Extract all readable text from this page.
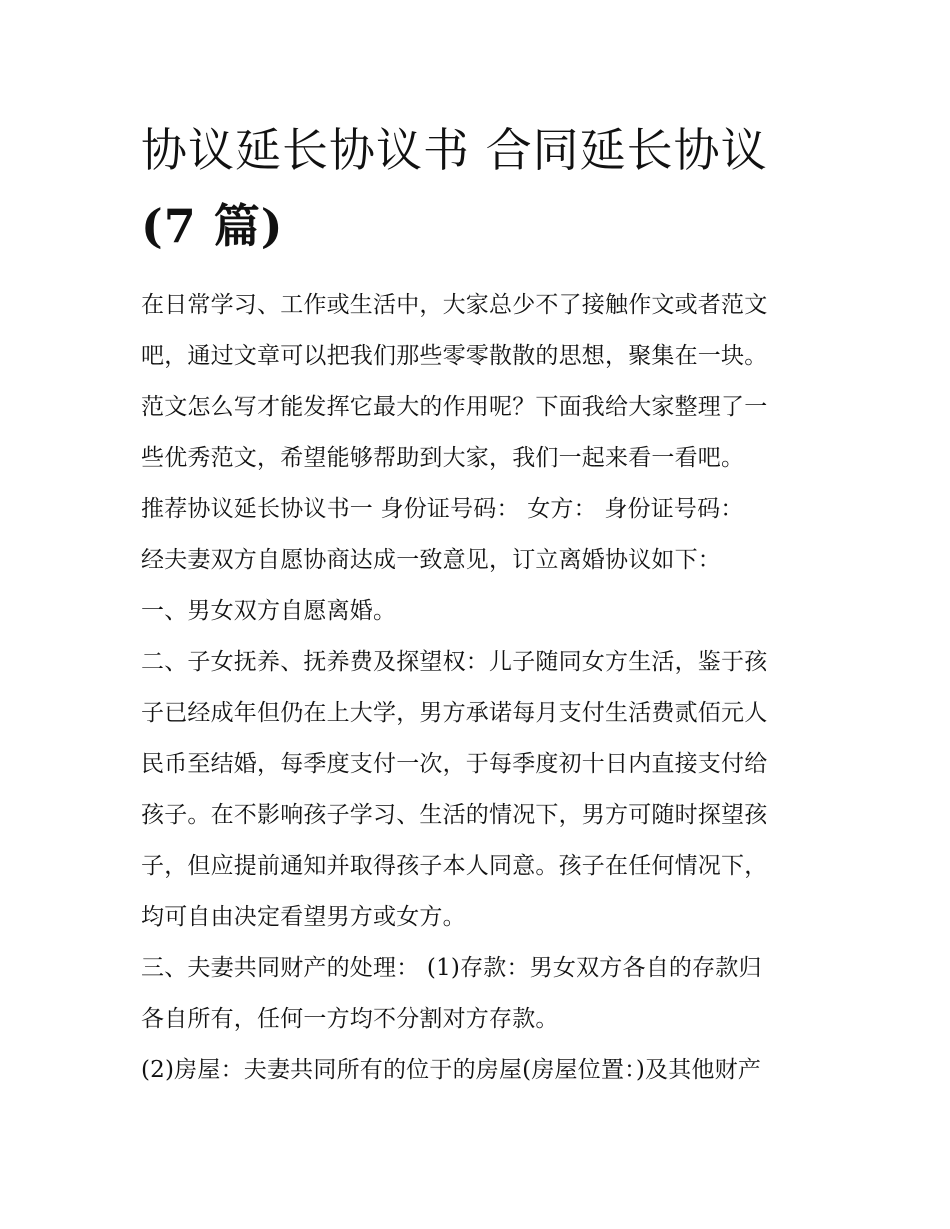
协议延长协议书 合同延长协议
(7 篇)

在日常学习、工作或生活中，大家总少不了接触作文或者范文

吧，通过文章可以把我们那些零零散散的思想，聚集在一块。

范文怎么写才能发挥它最大的作用呢？下面我给大家整理了一

些优秀范文，希望能够帮助到大家，我们一起来看一看吧。

推荐协议延长协议书一 身份证号码： 女方： 身份证号码：

经夫妻双方自愿协商达成一致意见，订立离婚协议如下：

一、男女双方自愿离婚。

二、子女抚养、抚养费及探望权：儿子随同女方生活，鉴于孩

子已经成年但仍在上大学，男方承诺每月支付生活费贰佰元人

民币至结婚，每季度支付一次，于每季度初十日内直接支付给

孩子。在不影响孩子学习、生活的情况下，男方可随时探望孩

子，但应提前通知并取得孩子本人同意。孩子在任何情况下，

均可自由决定看望男方或女方。

三、夫妻共同财产的处理： (1)存款：男女双方各自的存款归

各自所有，任何一方均不分割对方存款。

(2)房屋：夫妻共同所有的位于的房屋(房屋位置：)及其他财产
